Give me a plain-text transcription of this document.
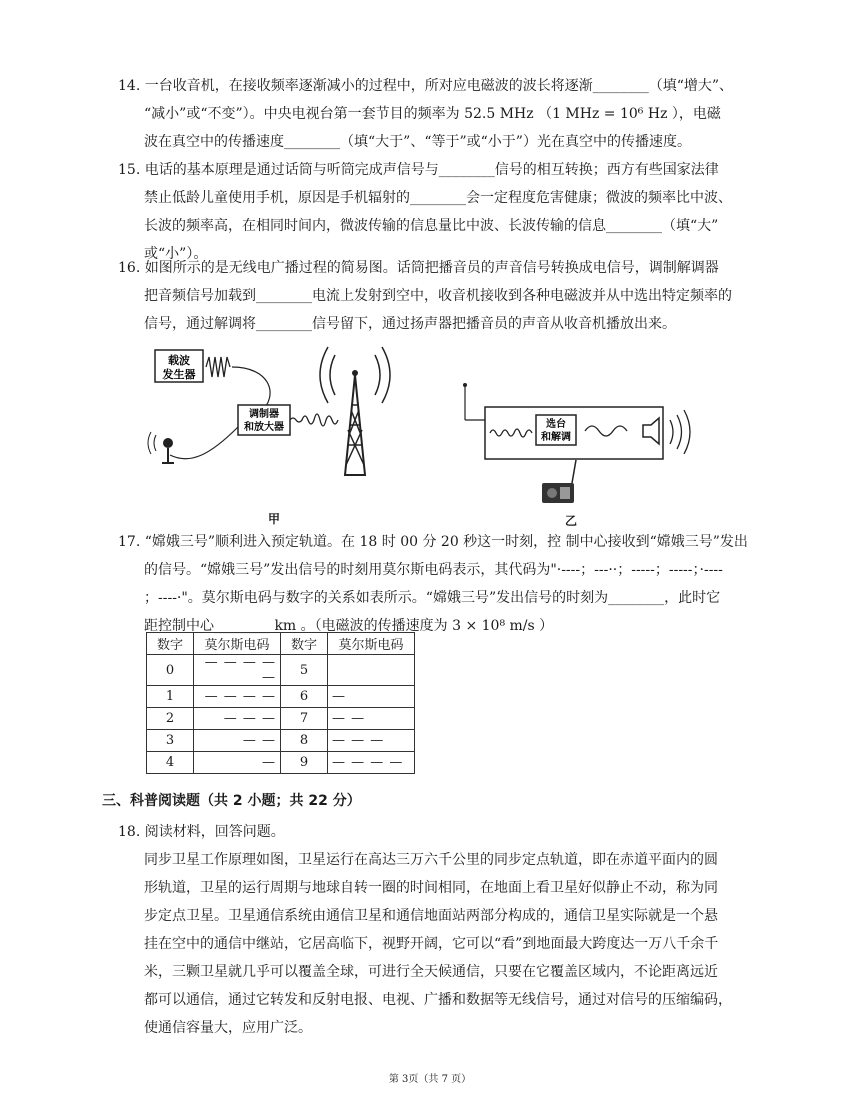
14. 一台收音机，在接收频率逐渐减小的过程中，所对应电磁波的波长将逐渐________（填“增大”、
“减小”或“不变”）。中央电视台第一套节目的频率为 52.5 MHz （1 MHz = 10⁶ Hz ），电磁
波在真空中的传播速度________（填“大于”、“等于”或“小于”）光在真空中的传播速度。
15. 电话的基本原理是通过话筒与听筒完成声信号与________信号的相互转换；西方有些国家法律
禁止低龄儿童使用手机，原因是手机辐射的________会一定程度危害健康；微波的频率比中波、
长波的频率高，在相同时间内，微波传输的信息量比中波、长波传输的信息________（填“大”
或“小”）。
16. 如图所示的是无线电广播过程的简易图。话筒把播音员的声音信号转换成电信号，调制解调器
把音频信号加载到________电流上发射到空中，收音机接收到各种电磁波并从中选出特定频率的
信号，通过解调将________信号留下，通过扬声器把播音员的声音从收音机播放出来。
载波
发生器
调制器
和放大器	选台
和解调
甲	乙
17. “嫦娥三号”顺利进入预定轨道。在 18 时 00 分 20 秒这一时刻，控 制中心接收到“嫦娥三号”发出
的信号。“嫦娥三号”发出信号的时刻用莫尔斯电码表示，其代码为"·----；---··；-----；-----；·----
；----·"。莫尔斯电码与数字的关系如表所示。“嫦娥三号”发出信号的时刻为________，此时它
距控制中心________ km 。（电磁波的传播速度为 3 × 10⁸ m/s ）
数字	莫尔斯电码	数字	莫尔斯电码
0	— — — — —	5	
1	— — — —	6	—
2	— — —	7	— —
3	— —	8	— — —
4	—	9	— — — —
三、科普阅读题（共 2 小题；共 22 分）
18. 阅读材料，回答问题。
同步卫星工作原理如图，卫星运行在高达三万六千公里的同步定点轨道，即在赤道平面内的圆
形轨道，卫星的运行周期与地球自转一圈的时间相同，在地面上看卫星好似静止不动，称为同
步定点卫星。卫星通信系统由通信卫星和通信地面站两部分构成的，通信卫星实际就是一个悬
挂在空中的通信中继站，它居高临下，视野开阔，它可以“看”到地面最大跨度达一万八千余千
米，三颗卫星就几乎可以覆盖全球，可进行全天候通信，只要在它覆盖区域内，不论距离远近
都可以通信，通过它转发和反射电报、电视、广播和数据等无线信号，通过对信号的压缩编码，
使通信容量大，应用广泛。
第 3页（共 7 页）
